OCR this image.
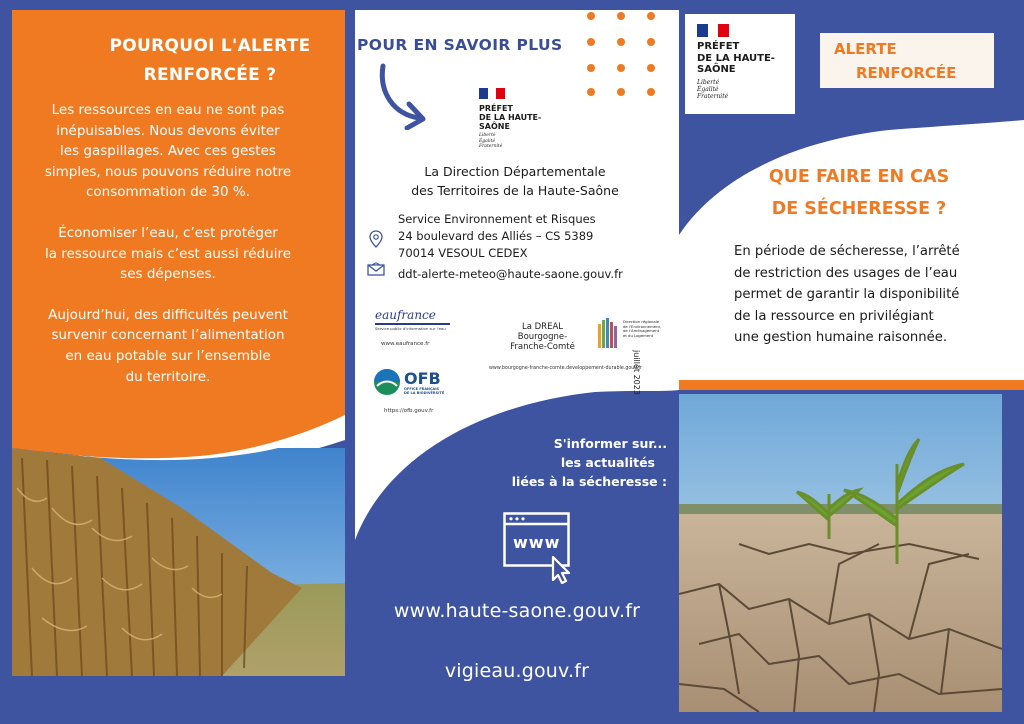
POURQUOI L'ALERTE
RENFORCÉE ?
Les ressources en eau ne sont pas
inépuisables. Nous devons éviter
les gaspillages. Avec ces gestes
simples, nous pouvons réduire notre
consommation de 30 %.
Économiser l’eau, c’est protéger
la ressource mais c’est aussi réduire
ses dépenses.
Aujourd’hui, des difficultés peuvent
survenir concernant l’alimentation
en eau potable sur l’ensemble
du territoire.
POUR EN SAVOIR PLUS
PRÉFET
DE LA HAUTE-
SAÔNE
Liberté
Égalité
Fraternité
La Direction Départementale
des Territoires de la Haute-Saône
Service Environnement et Risques
24 boulevard des Alliés – CS 5389
70014 VESOUL CEDEX
ddt-alerte-meteo@haute-saone.gouv.fr
eaufrance
Service public d'information sur l'eau
www.eaufrance.fr
OFB
OFFICE FRANÇAIS
DE LA BIODIVERSITÉ
https://ofb.gouv.fr
La DREAL
Bourgogne-
Franche-Comté
Direction régionale
de l'Environnement,
de l'Aménagement
et du Logement
www.bourgogne-franche-comte.developpement-durable.gouv.fr
juillet 2023
S'informer sur...
les actualités
liées à la sécheresse :
www
www.haute-saone.gouv.fr
vigieau.gouv.fr
PRÉFET
DE LA HAUTE-
SAÔNE
Liberté
Égalité
Fraternité
ALERTE
RENFORCÉE
QUE FAIRE EN CAS
DE SÉCHERESSE ?
En période de sécheresse, l’arrêté
de restriction des usages de l’eau
permet de garantir la disponibilité
de la ressource en privilégiant
une gestion humaine raisonnée.
